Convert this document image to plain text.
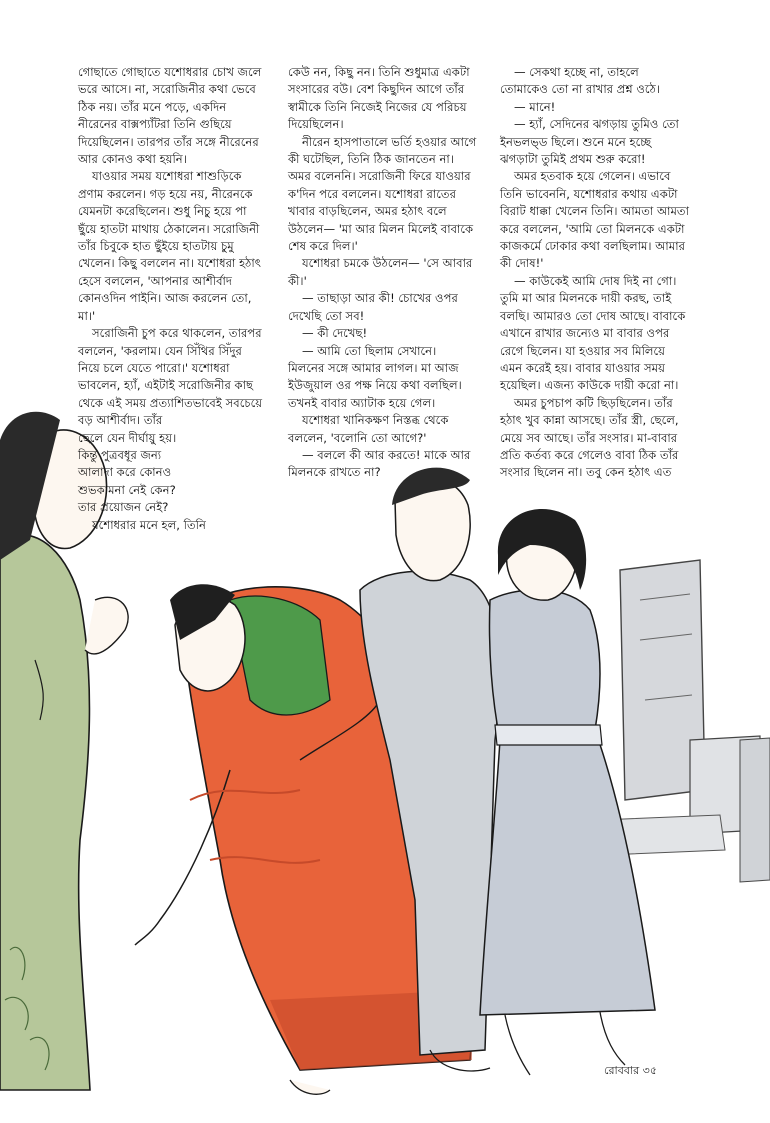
গোছাতে গোছাতে যশোধরার চোখ জলে

ভরে আসে। না, সরোজিনীর কথা ভেবে

ঠিক নয়। তাঁর মনে পড়ে, একদিন

নীরেনের বাক্সপ্যাঁটরা তিনি গুছিয়ে

দিয়েছিলেন। তারপর তাঁর সঙ্গে নীরেনের

আর কোনও কথা হয়নি।

যাওয়ার সময় যশোধরা শাশুড়িকে

প্রণাম করলেন। গড় হয়ে নয়, নীরেনকে

যেমনটা করেছিলেন। শুধু নিচু হয়ে পা

ছুঁয়ে হাতটা মাথায় ঠেকালেন। সরোজিনী

তাঁর চিবুকে হাত ছুঁইয়ে হাতটায় চুমু

খেলেন। কিছু বললেন না। যশোধরা হঠাৎ

হেসে বললেন, 'আপনার আশীর্বাদ

কোনওদিন পাইনি। আজ করলেন তো,

মা।'

সরোজিনী চুপ করে থাকলেন, তারপর

বললেন, 'করলাম। যেন সিঁথির সিঁদুর

নিয়ে চলে যেতে পারো।' যশোধরা

ভাবলেন, হ্যাঁ, এইটাই সরোজিনীর কাছ

থেকে এই সময় প্রত্যাশিতভাবেই সবচেয়ে

বড় আশীর্বাদ। তাঁর

ছেলে যেন দীর্ঘায়ু হয়।

কিন্তু পুত্রবধূর জন্য

আলাদা করে কোনও

শুভকামনা নেই কেন?

তার প্রয়োজন নেই?

যশোধরার মনে হল, তিনি

কেউ নন, কিছু নন। তিনি শুধুমাত্র একটা

সংসারের বউ। বেশ কিছুদিন আগে তাঁর

স্বামীকে তিনি নিজেই নিজের যে পরিচয়

দিয়েছিলেন।

নীরেন হাসপাতালে ভর্তি হওয়ার আগে

কী ঘটেছিল, তিনি ঠিক জানতেন না।

অমর বলেননি। সরোজিনী ফিরে যাওয়ার

ক'দিন পরে বললেন। যশোধরা রাতের

খাবার বাড়ছিলেন, অমর হঠাৎ বলে

উঠলেন— 'মা আর মিলন মিলেই বাবাকে

শেষ করে দিল।'

যশোধরা চমকে উঠলেন— 'সে আবার

কী।'

— তাছাড়া আর কী! চোখের ওপর

দেখেছি তো সব!

— কী দেখেছ!

— আমি তো ছিলাম সেখানে।

মিলনের সঙ্গে আমার লাগল। মা আজ

ইউজুয়াল ওর পক্ষ নিয়ে কথা বলছিল।

তখনই বাবার অ্যাটাক হয়ে গেল।

যশোধরা খানিকক্ষণ নিস্তব্ধ থেকে

বললেন, 'বলোনি তো আগে?'

— বললে কী আর করতে! মাকে আর

মিলনকে রাখতে না?

— সেকথা হচ্ছে না, তাহলে

তোমাকেও তো না রাখার প্রশ্ন ওঠে।

— মানে!

— হ্যাঁ, সেদিনের ঝগড়ায় তুমিও তো

ইনভলভ্ড ছিলে। শুনে মনে হচ্ছে

ঝগড়াটা তুমিই প্রথম শুরু করো!

অমর হতবাক হয়ে গেলেন। এভাবে

তিনি ভাবেননি, যশোধরার কথায় একটা

বিরাট ধাক্কা খেলেন তিনি। আমতা আমতা

করে বললেন, 'আমি তো মিলনকে একটা

কাজকর্মে ঢোকার কথা বলছিলাম। আমার

কী দোষ!'

— কাউকেই আমি দোষ দিই না গো।

তুমি মা আর মিলনকে দায়ী করছ, তাই

বলছি। আমারও তো দোষ আছে। বাবাকে

এখানে রাখার জন্যেও মা বাবার ওপর

রেগে ছিলেন। যা হওয়ার সব মিলিয়ে

এমন করেই হয়। বাবার যাওয়ার সময়

হয়েছিল। এজন্য কাউকে দায়ী করো না।

অমর চুপচাপ কটি ছিড়ছিলেন। তাঁর

হঠাৎ খুব কান্না আসছে। তাঁর স্ত্রী, ছেলে,

মেয়ে সব আছে। তাঁর সংসার। মা-বাবার

প্রতি কর্তব্য করে গেলেও বাবা ঠিক তাঁর

সংসার ছিলেন না। তবু কেন হঠাৎ এত

রোববার ৩৫
